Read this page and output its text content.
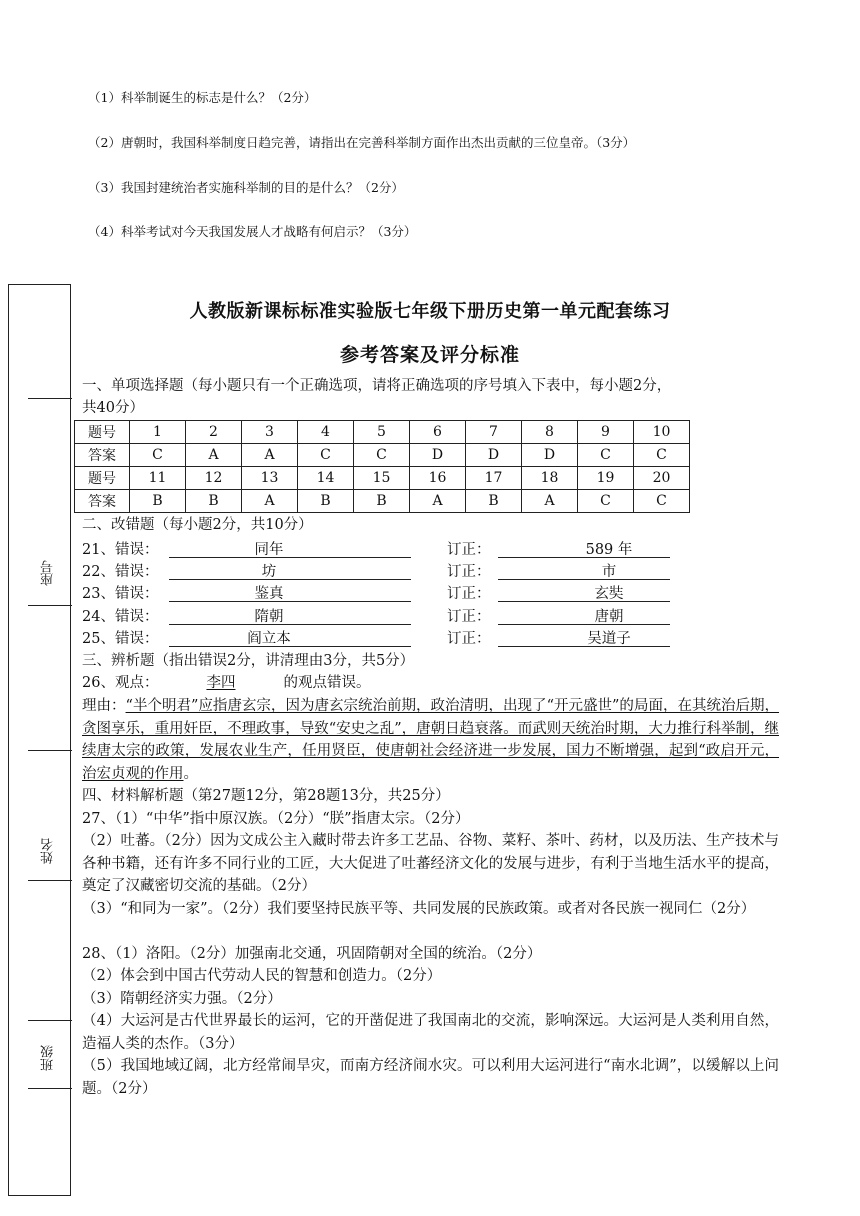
（1）科举制诞生的标志是什么？（2分）
（2）唐朝时，我国科举制度日趋完善，请指出在完善科举制方面作出杰出贡献的三位皇帝。（3分）
（3）我国封建统治者实施科举制的目的是什么？（2分）
（4）科举考试对今天我国发展人才战略有何启示？（3分）
座号
姓名
班级
人教版新课标标准实验版七年级下册历史第一单元配套练习
参考答案及评分标准
一、单项选择题（每小题只有一个正确选项，请将正确选项的序号填入下表中，每小题2分，
共40分）
题号	1	2	3	4	5	6	7	8	9	10
答案	C	A	A	C	C	D	D	D	C	C
题号	11	12	13	14	15	16	17	18	19	20
答案	B	B	A	B	B	A	B	A	C	C
二、改错题（每小题2分，共10分）
21、错误：	同年	订正：	589 年
22、错误：	坊	订正：	市
23、错误：	鉴真	订正：	玄奘
24、错误：	隋朝	订正：	唐朝
25、错误：	阎立本	订正：	吴道子
三、辨析题（指出错误2分，讲清理由3分，共5分）
26、观点：	李四	的观点错误。
理由：“半个明君”应指唐玄宗，因为唐玄宗统治前期，政治清明，出现了“开元盛世”的局面，在其统治后期，贪图享乐，重用奸臣，不理政事，导致“安史之乱”，唐朝日趋衰落。而武则天统治时期，大力推行科举制，继续唐太宗的政策，发展农业生产，任用贤臣，使唐朝社会经济进一步发展，国力不断增强，起到“政启开元，治宏贞观的作用。
四、材料解析题（第27题12分，第28题13分，共25分）
27、（1）“中华”指中原汉族。（2分）“朕”指唐太宗。（2分）
（2）吐蕃。（2分）因为文成公主入藏时带去许多工艺品、谷物、菜籽、茶叶、药材，以及历法、生产技术与各种书籍，还有许多不同行业的工匠，大大促进了吐蕃经济文化的发展与进步，有利于当地生活水平的提高，奠定了汉藏密切交流的基础。（2分）
（3）“和同为一家”。（2分）我们要坚持民族平等、共同发展的民族政策。或者对各民族一视同仁（2分）
28、（1）洛阳。（2分）加强南北交通，巩固隋朝对全国的统治。（2分）
（2）体会到中国古代劳动人民的智慧和创造力。（2分）
（3）隋朝经济实力强。（2分）
（4）大运河是古代世界最长的运河，它的开凿促进了我国南北的交流，影响深远。大运河是人类利用自然，造福人类的杰作。（3分）
（5）我国地域辽阔，北方经常闹旱灾，而南方经济闹水灾。可以利用大运河进行“南水北调”，以缓解以上问题。（2分）
